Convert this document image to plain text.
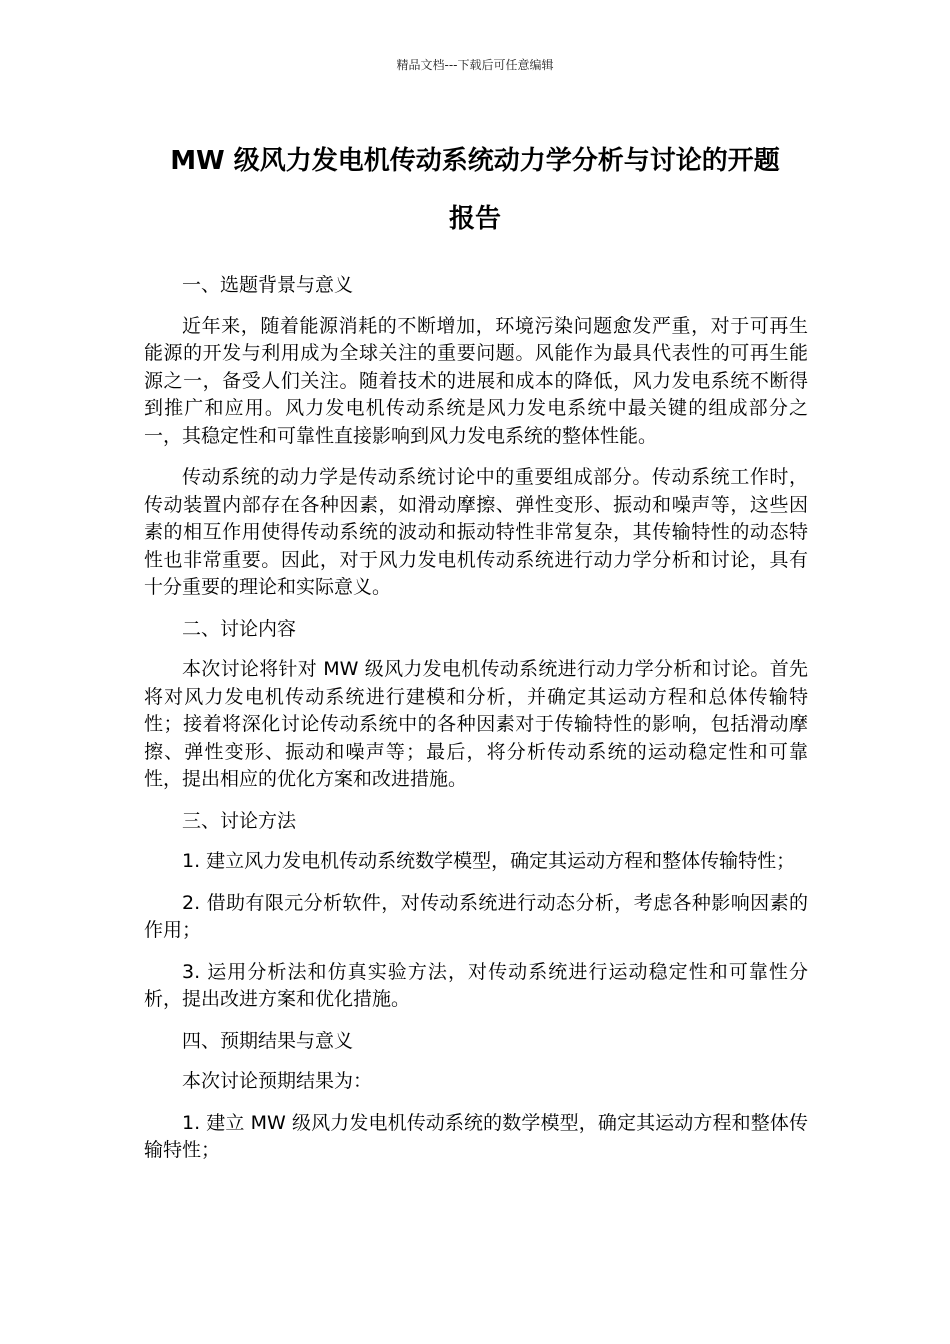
精品文档---下载后可任意编辑
MW 级风力发电机传动系统动力学分析与讨论的开题
报告

一、选题背景与意义

近年来，随着能源消耗的不断增加，环境污染问题愈发严重，对于可再生能源的开发与利用成为全球关注的重要问题。风能作为最具代表性的可再生能源之一，备受人们关注。随着技术的进展和成本的降低，风力发电系统不断得到推广和应用。风力发电机传动系统是风力发电系统中最关键的组成部分之一，其稳定性和可靠性直接影响到风力发电系统的整体性能。

传动系统的动力学是传动系统讨论中的重要组成部分。传动系统工作时，传动装置内部存在各种因素，如滑动摩擦、弹性变形、振动和噪声等，这些因素的相互作用使得传动系统的波动和振动特性非常复杂，其传输特性的动态特性也非常重要。因此，对于风力发电机传动系统进行动力学分析和讨论，具有十分重要的理论和实际意义。

二、讨论内容

本次讨论将针对 MW 级风力发电机传动系统进行动力学分析和讨论。首先将对风力发电机传动系统进行建模和分析，并确定其运动方程和总体传输特性；接着将深化讨论传动系统中的各种因素对于传输特性的影响，包括滑动摩擦、弹性变形、振动和噪声等；最后，将分析传动系统的运动稳定性和可靠性，提出相应的优化方案和改进措施。

三、讨论方法

1. 建立风力发电机传动系统数学模型，确定其运动方程和整体传输特性；

2. 借助有限元分析软件，对传动系统进行动态分析，考虑各种影响因素的作用；

3. 运用分析法和仿真实验方法，对传动系统进行运动稳定性和可靠性分析，提出改进方案和优化措施。

四、预期结果与意义

本次讨论预期结果为：

1. 建立 MW 级风力发电机传动系统的数学模型，确定其运动方程和整体传输特性；
